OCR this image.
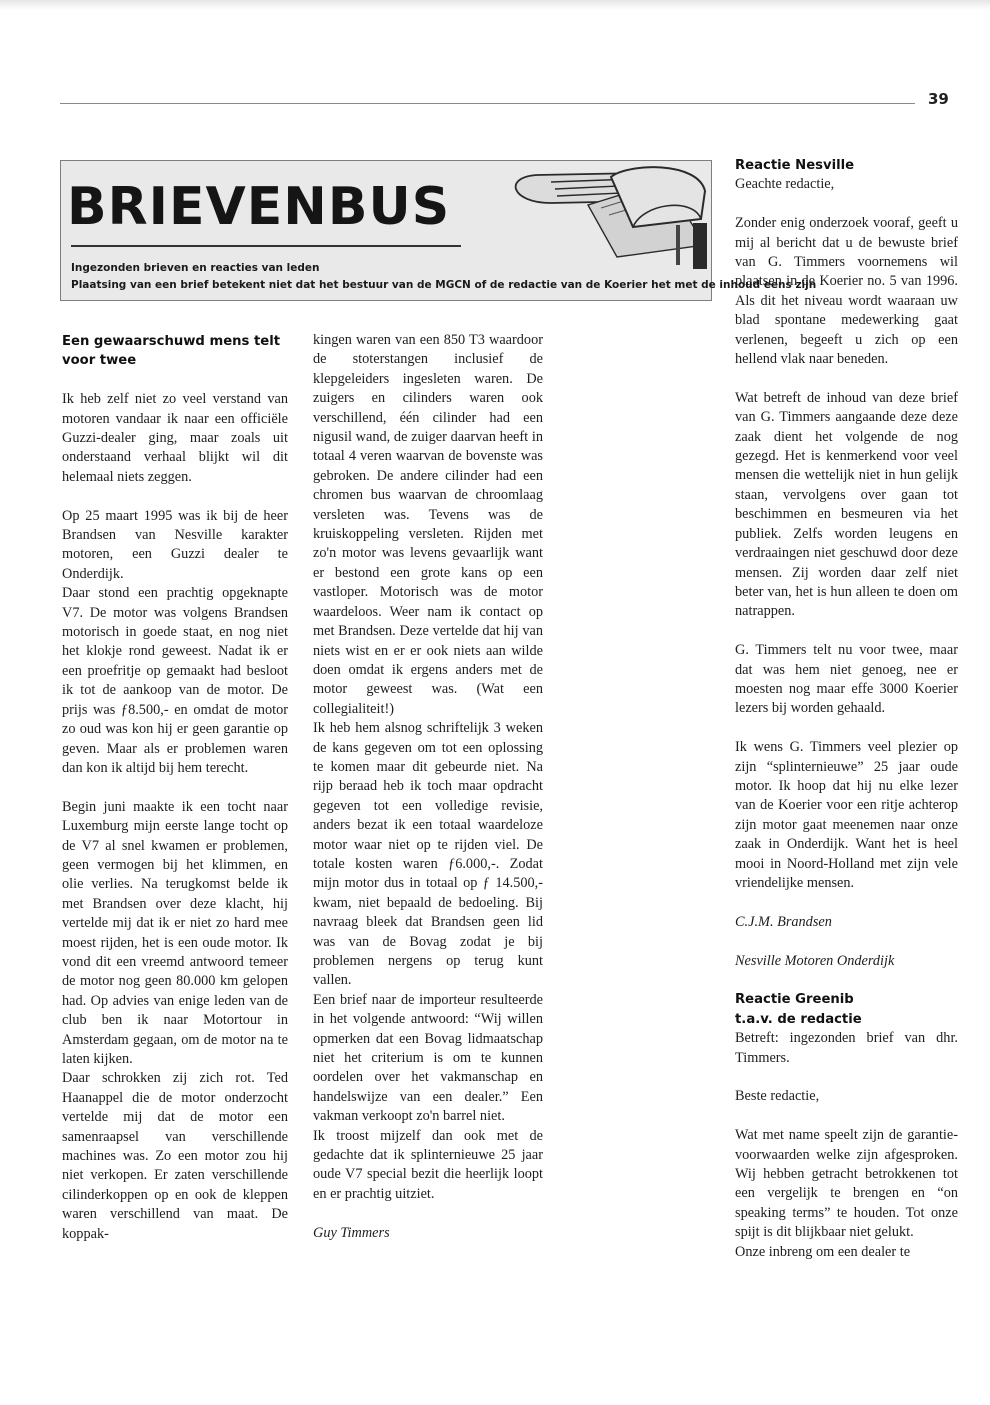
39
BRIEVENBUS
Ingezonden brieven en reacties van leden
Plaatsing van een brief betekent niet dat het bestuur van de MGCN of de redactie van de Koerier het met de inhoud eens zijn
Een gewaarschuwd mens telt voor twee

Ik heb zelf niet zo veel verstand van motoren vandaar ik naar een officiële Guzzi-dealer ging, maar zoals uit onderstaand verhaal blijkt wil dit helemaal niets zeggen.

Op 25 maart 1995 was ik bij de heer Brandsen van Nesville karakter motoren, een Guzzi dealer te Onderdijk.

Daar stond een prachtig opgeknapte V7. De motor was volgens Brandsen motorisch in goede staat, en nog niet het klokje rond geweest. Nadat ik er een proefritje op gemaakt had besloot ik tot de aankoop van de motor. De prijs was ƒ8.500,- en omdat de motor zo oud was kon hij er geen garantie op geven. Maar als er problemen waren dan kon ik altijd bij hem terecht.

Begin juni maakte ik een tocht naar Luxemburg mijn eerste lange tocht op de V7 al snel kwamen er problemen, geen vermogen bij het klimmen, en olie verlies. Na terugkomst belde ik met Brandsen over deze klacht, hij vertelde mij dat ik er niet zo hard mee moest rijden, het is een oude motor. Ik vond dit een vreemd antwoord temeer de motor nog geen 80.000 km gelopen had. Op advies van enige leden van de club ben ik naar Motortour in Amsterdam gegaan, om de motor na te laten kijken.

Daar schrokken zij zich rot. Ted Haanappel die de motor onderzocht vertelde mij dat de motor een samenraapsel van verschillende machines was. Zo een motor zou hij niet verkopen. Er zaten verschillende cilinderkoppen op en ook de kleppen waren verschillend van maat. De koppak-

kingen waren van een 850 T3 waardoor de stoterstangen inclusief de klepgeleiders ingesleten waren. De zuigers en cilinders waren ook verschillend, één cilinder had een nigusil wand, de zuiger daarvan heeft in totaal 4 veren waarvan de bovenste was gebroken. De andere cilinder had een chromen bus waarvan de chroomlaag versleten was. Tevens was de kruiskoppeling versleten. Rijden met zo'n motor was levens gevaarlijk want er bestond een grote kans op een vastloper. Motorisch was de motor waardeloos. Weer nam ik contact op met Brandsen. Deze vertelde dat hij van niets wist en er er ook niets aan wilde doen omdat ik ergens anders met de motor geweest was. (Wat een collegialiteit!)

Ik heb hem alsnog schriftelijk 3 weken de kans gegeven om tot een oplossing te komen maar dit gebeurde niet. Na rijp beraad heb ik toch maar opdracht gegeven tot een volledige revisie, anders bezat ik een totaal waardeloze motor waar niet op te rijden viel. De totale kosten waren ƒ6.000,-. Zodat mijn motor dus in totaal op ƒ 14.500,- kwam, niet bepaald de bedoeling. Bij navraag bleek dat Brandsen geen lid was van de Bovag zodat je bij problemen nergens op terug kunt vallen.

Een brief naar de importeur resulteerde in het volgende antwoord: “Wij willen opmerken dat een Bovag lidmaatschap niet het criterium is om te kunnen oordelen over het vakmanschap en handelswijze van een dealer.” Een vakman verkoopt zo'n barrel niet.

Ik troost mijzelf dan ook met de gedachte dat ik splinternieuwe 25 jaar oude V7 special bezit die heerlijk loopt en er prachtig uitziet.

Guy Timmers

Reactie Nesville

Geachte redactie,

Zonder enig onderzoek vooraf, geeft u mij al bericht dat u de bewuste brief van G. Timmers voornemens wil plaatsen in de Koerier no. 5 van 1996. Als dit het niveau wordt waaraan uw blad spontane medewerking gaat verlenen, begeeft u zich op een hellend vlak naar beneden.

Wat betreft de inhoud van deze brief van G. Timmers aangaande deze deze zaak dient het volgende de nog gezegd. Het is kenmerkend voor veel mensen die wettelijk niet in hun gelijk staan, vervolgens over gaan tot beschimmen en besmeuren via het publiek. Zelfs worden leugens en verdraaingen niet geschuwd door deze mensen. Zij worden daar zelf niet beter van, het is hun alleen te doen om natrappen.

G. Timmers telt nu voor twee, maar dat was hem niet genoeg, nee er moesten nog maar effe 3000 Koerier lezers bij worden gehaald.

Ik wens G. Timmers veel plezier op zijn “splinternieuwe” 25 jaar oude motor. Ik hoop dat hij nu elke lezer van de Koerier voor een ritje achterop zijn motor gaat meenemen naar onze zaak in Onderdijk. Want het is heel mooi in Noord-Holland met zijn vele vriendelijke mensen.

C.J.M. Brandsen

Nesville Motoren Onderdijk

Reactie Greenib
t.a.v. de redactie

Betreft: ingezonden brief van dhr. Timmers.

Beste redactie,

Wat met name speelt zijn de garantie-voorwaarden welke zijn afgesproken. Wij hebben getracht betrokkenen tot een vergelijk te brengen en “on speaking terms” te houden. Tot onze spijt is dit blijkbaar niet gelukt.

Onze inbreng om een dealer te
